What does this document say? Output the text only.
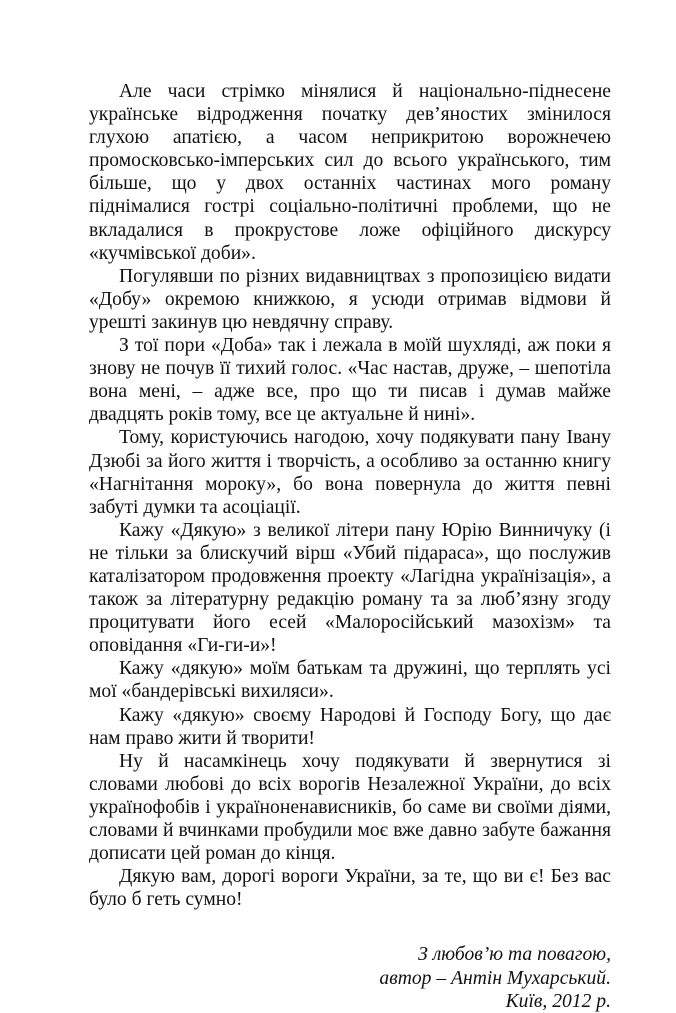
Але часи стрімко мінялися й національно-піднесене українське відродження початку дев’яностих змінилося глухою апатією, а часом неприкритою ворожнечею промосковсько-імперських сил до всього українського, тим більше, що у двох останніх частинах мого роману піднімалися гострі соціально-політичні проблеми, що не вкладалися в прокрустове ложе офіційного дискурсу «кучмівської доби».

Погулявши по різних видавництвах з пропозицією видати «Добу» окремою книжкою, я усюди отримав відмови й урешті закинув цю невдячну справу.

З тої пори «Доба» так і лежала в моїй шухляді, аж поки я знову не почув її тихий голос. «Час настав, друже, – шепотіла вона мені, – адже все, про що ти писав і думав майже двадцять років тому, все це актуальне й нині».

Тому, користуючись нагодою, хочу подякувати пану Івану Дзюбі за його життя і творчість, а особливо за останню книгу «Нагнітання мороку», бо вона повернула до життя певні забуті думки та асоціації.

Кажу «Дякую» з великої літери пану Юрію Винничуку (і не тільки за блискучий вірш «Убий підараса», що послужив каталізатором продовження проекту «Лагідна українізація», а також за літературну редакцію роману та за люб’язну згоду процитувати його есей «Малоросійський мазохізм» та оповідання «Ги-ги-и»!

Кажу «дякую» моїм батькам та дружині, що терплять усі мої «бандерівські вихиляси».

Кажу «дякую» своєму Народові й Господу Богу, що дає нам право жити й творити!

Ну й насамкінець хочу подякувати й звернутися зі словами любові до всіх ворогів Незалежної України, до всіх українофобів і українoненависників, бо саме ви своїми діями, словами й вчинками пробудили моє вже давно забуте бажання дописати цей роман до кінця.

Дякую вам, дорогі вороги України, за те, що ви є! Без вас було б геть сумно!

З любов’ю та повагою,
автор – Антін Мухарський.
Київ, 2012 р.
